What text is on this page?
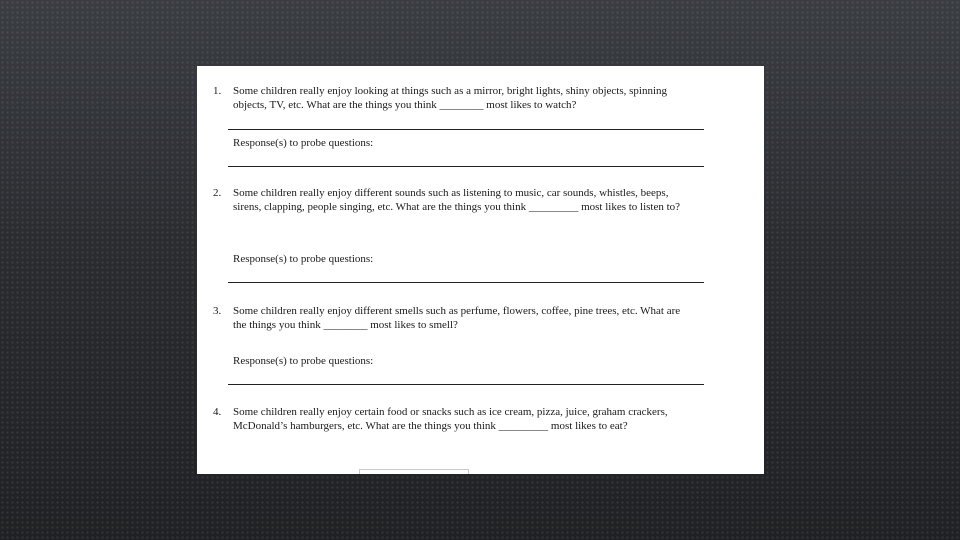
1. Some children really enjoy looking at things such as a mirror, bright lights, shiny objects, spinning objects, TV, etc. What are the things you think ________ most likes to watch?
Response(s) to probe questions:
2. Some children really enjoy different sounds such as listening to music, car sounds, whistles, beeps, sirens, clapping, people singing, etc. What are the things you think _________ most likes to listen to?
Response(s) to probe questions:
3. Some children really enjoy different smells such as perfume, flowers, coffee, pine trees, etc. What are the things you think ________ most likes to smell?
Response(s) to probe questions:
4. Some children really enjoy certain food or snacks such as ice cream, pizza, juice, graham crackers, McDonald’s hamburgers, etc. What are the things you think _________ most likes to eat?
